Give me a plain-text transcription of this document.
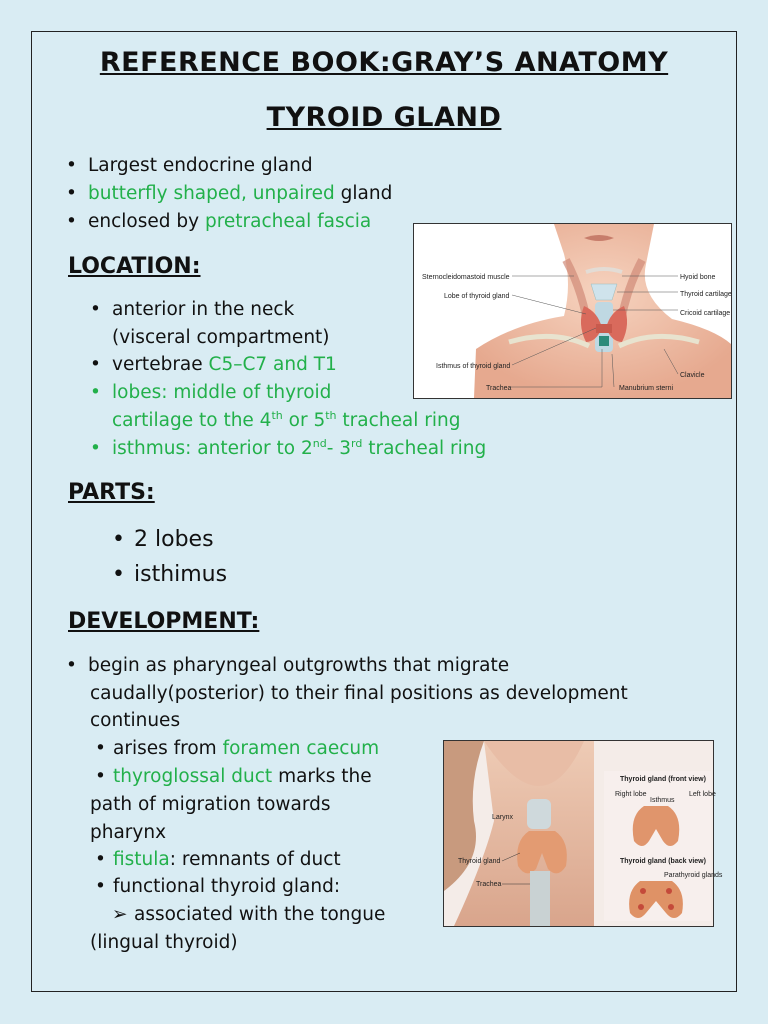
REFERENCE BOOK:GRAY’S ANATOMY
TYROID GLAND
• Largest endocrine gland
• butterfly shaped, unpaired gland
• enclosed by pretracheal fascia
LOCATION:
• anterior in the neck
(visceral compartment)
• vertebrae C5–C7 and T1
• lobes: middle of thyroid
cartilage to the 4th or 5th tracheal ring
• isthmus: anterior to 2nd- 3rd tracheal ring
PARTS:
• 2 lobes
• isthimus
DEVELOPMENT:
• begin as pharyngeal outgrowths that migrate
caudally(posterior) to their final positions as development
continues
• arises from foramen caecum
• thyroglossal duct marks the
path of migration towards
pharynx
• fistula: remnants of duct
• functional thyroid gland:
➢ associated with the tongue
(lingual thyroid)
Sternocleidomastoid muscle
Lobe of thyroid gland
Isthmus of thyroid gland
Trachea
Hyoid bone
Thyroid cartilage
Cricoid cartilage
Clavicle
Manubrium sterni
Larynx
Thyroid gland
Trachea
Thyroid gland (front view)
Right lobe
Isthmus
Left lobe
Thyroid gland (back view)
Parathyroid glands
